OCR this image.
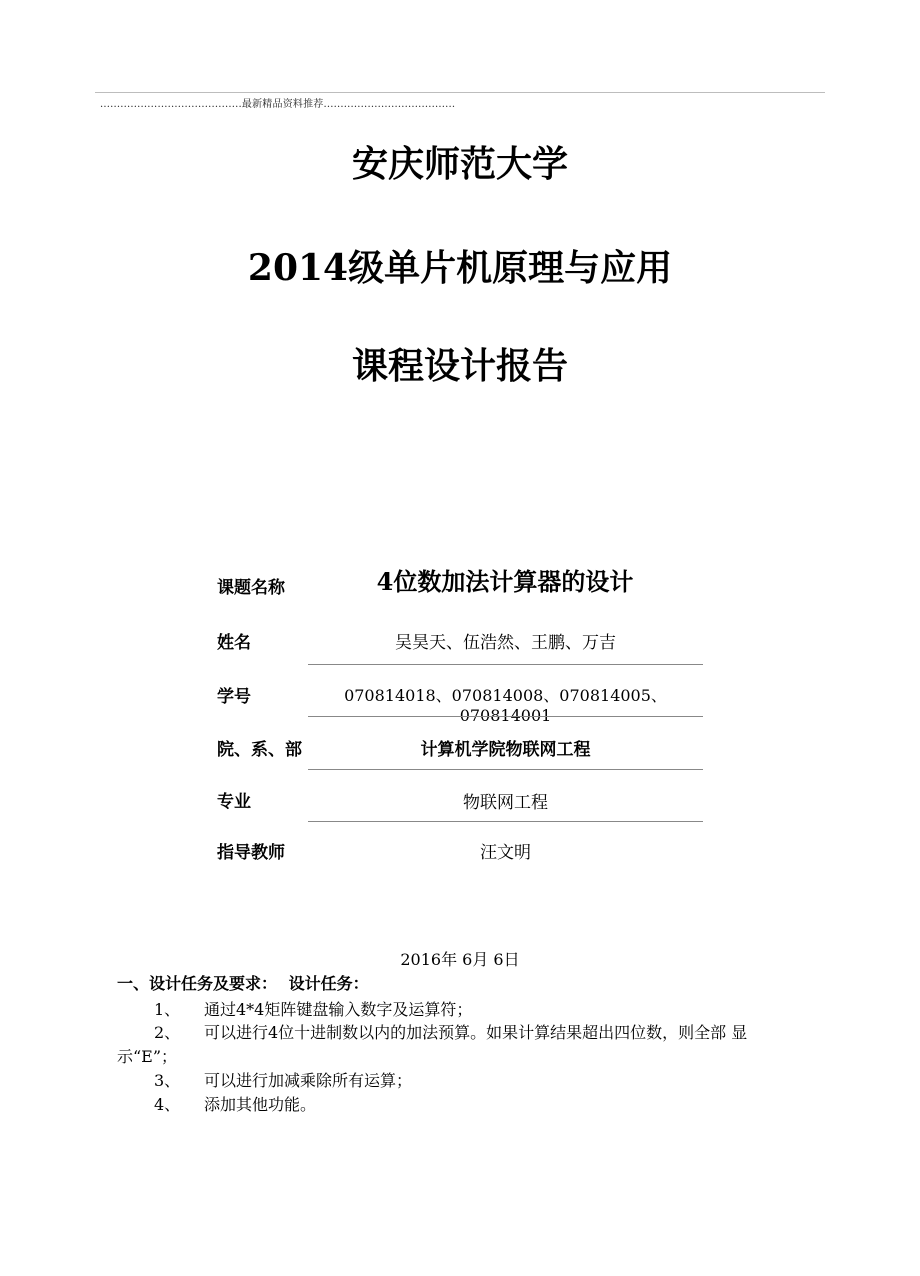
..........................................最新精品资料推荐.......................................
安庆师范大学
2014级单片机原理与应用
课程设计报告
课题名称	4位数加法计算器的设计
姓名	吴昊天、伍浩然、王鹏、万吉
学号	070814018、070814008、070814005、070814001
院、系、部	计算机学院物联网工程
专业	物联网工程
指导教师	汪文明
2016年 6月 6日
一、设计任务及要求： 设计任务：
1、 通过4*4矩阵键盘输入数字及运算符；
2、 可以进行4位十进制数以内的加法预算。如果计算结果超出四位数，则全部 显
示“E”；
3、 可以进行加减乘除所有运算；
4、 添加其他功能。
